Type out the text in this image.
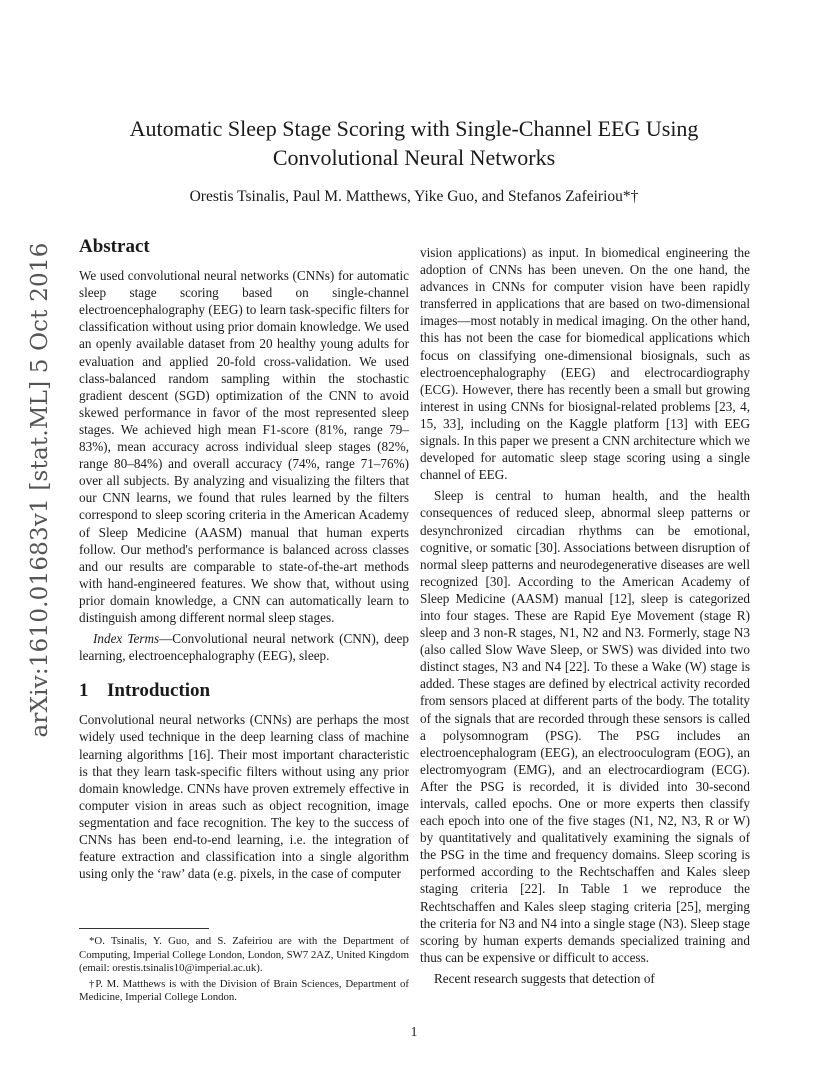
arXiv:1610.01683v1 [stat.ML] 5 Oct 2016
Automatic Sleep Stage Scoring with Single-Channel EEG Using
Convolutional Neural Networks
Orestis Tsinalis, Paul M. Matthews, Yike Guo, and Stefanos Zafeiriou*†
Abstract

We used convolutional neural networks (CNNs) for automatic sleep stage scoring based on single-channel electroencephalography (EEG) to learn task-specific filters for classification without using prior domain knowledge. We used an openly available dataset from 20 healthy young adults for evaluation and applied 20-fold cross-validation. We used class-balanced random sampling within the stochastic gradient descent (SGD) optimization of the CNN to avoid skewed performance in favor of the most represented sleep stages. We achieved high mean F1-score (81%, range 79–83%), mean accuracy across individual sleep stages (82%, range 80–84%) and overall accuracy (74%, range 71–76%) over all subjects. By analyzing and visualizing the filters that our CNN learns, we found that rules learned by the filters correspond to sleep scoring criteria in the American Academy of Sleep Medicine (AASM) manual that human experts follow. Our method's performance is balanced across classes and our results are comparable to state-of-the-art methods with hand-engineered features. We show that, without using prior domain knowledge, a CNN can automatically learn to distinguish among different normal sleep stages.

Index Terms—Convolutional neural network (CNN), deep learning, electroencephalography (EEG), sleep.

1 Introduction

Convolutional neural networks (CNNs) are perhaps the most widely used technique in the deep learning class of machine learning algorithms [16]. Their most important characteristic is that they learn task-specific filters without using any prior domain knowledge. CNNs have proven extremely effective in computer vision in areas such as object recognition, image segmentation and face recognition. The key to the success of CNNs has been end-to-end learning, i.e. the integration of feature extraction and classification into a single algorithm using only the ‘raw’ data (e.g. pixels, in the case of computer

vision applications) as input. In biomedical engineering the adoption of CNNs has been uneven. On the one hand, the advances in CNNs for computer vision have been rapidly transferred in applications that are based on two-dimensional images—most notably in medical imaging. On the other hand, this has not been the case for biomedical applications which focus on classifying one-dimensional biosignals, such as electroencephalography (EEG) and electrocardiography (ECG). However, there has recently been a small but growing interest in using CNNs for biosignal-related problems [23, 4, 15, 33], including on the Kaggle platform [13] with EEG signals. In this paper we present a CNN architecture which we developed for automatic sleep stage scoring using a single channel of EEG.

Sleep is central to human health, and the health consequences of reduced sleep, abnormal sleep patterns or desynchronized circadian rhythms can be emotional, cognitive, or somatic [30]. Associations between disruption of normal sleep patterns and neurodegenerative diseases are well recognized [30]. According to the American Academy of Sleep Medicine (AASM) manual [12], sleep is categorized into four stages. These are Rapid Eye Movement (stage R) sleep and 3 non-R stages, N1, N2 and N3. Formerly, stage N3 (also called Slow Wave Sleep, or SWS) was divided into two distinct stages, N3 and N4 [22]. To these a Wake (W) stage is added. These stages are defined by electrical activity recorded from sensors placed at different parts of the body. The totality of the signals that are recorded through these sensors is called a polysomnogram (PSG). The PSG includes an electroencephalogram (EEG), an electrooculogram (EOG), an electromyogram (EMG), and an electrocardiogram (ECG). After the PSG is recorded, it is divided into 30-second intervals, called epochs. One or more experts then classify each epoch into one of the five stages (N1, N2, N3, R or W) by quantitatively and qualitatively examining the signals of the PSG in the time and frequency domains. Sleep scoring is performed according to the Rechtschaffen and Kales sleep staging criteria [22]. In Table 1 we reproduce the Rechtschaffen and Kales sleep staging criteria [25], merging the criteria for N3 and N4 into a single stage (N3). Sleep stage scoring by human experts demands specialized training and thus can be expensive or difficult to access.

Recent research suggests that detection of

*O. Tsinalis, Y. Guo, and S. Zafeiriou are with the Department of Computing, Imperial College London, London, SW7 2AZ, United Kingdom (email: orestis.tsinalis10@imperial.ac.uk).

†P. M. Matthews is with the Division of Brain Sciences, Department of Medicine, Imperial College London.

1
